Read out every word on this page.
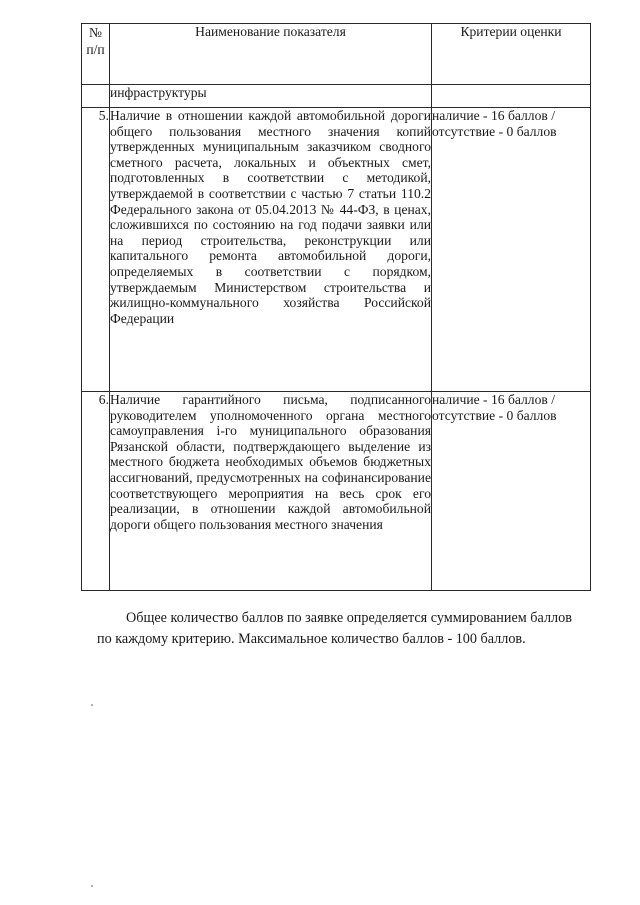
№
п/п	Наименование показателя	Критерии оценки
	инфраструктуры	
5.	Наличие в отношении каждой автомобильной дороги общего пользования местного значения копий утвержденных муниципальным заказчиком сводного сметного расчета, локальных и объектных смет, подготовленных в соответствии с методикой, утверждаемой в соответствии с частью 7 статьи 110.2 Федерального закона от 05.04.2013 № 44-ФЗ, в ценах, сложившихся по состоянию на год подачи заявки или на период строительства, реконструкции или капитального ремонта автомобильной дороги, определяемых в соответствии с порядком, утверждаемым Министерством строительства и жилищно-коммунального хозяйства Российской Федерации	наличие - 16 баллов /
отсутствие - 0 баллов

6.	Наличие гарантийного письма, подписанного руководителем уполномоченного органа местного самоуправления i-го муниципального образования Рязанской области, подтверждающего выделение из местного бюджета необходимых объемов бюджетных ассигнований, предусмотренных на софинансирование соответствующего мероприятия на весь срок его реализации, в отношении каждой автомобильной дороги общего пользования местного значения	наличие - 16 баллов /
отсутствие - 0 баллов

Общее количество баллов по заявке определяется суммированием баллов
по каждому критерию. Максимальное количество баллов - 100 баллов.
